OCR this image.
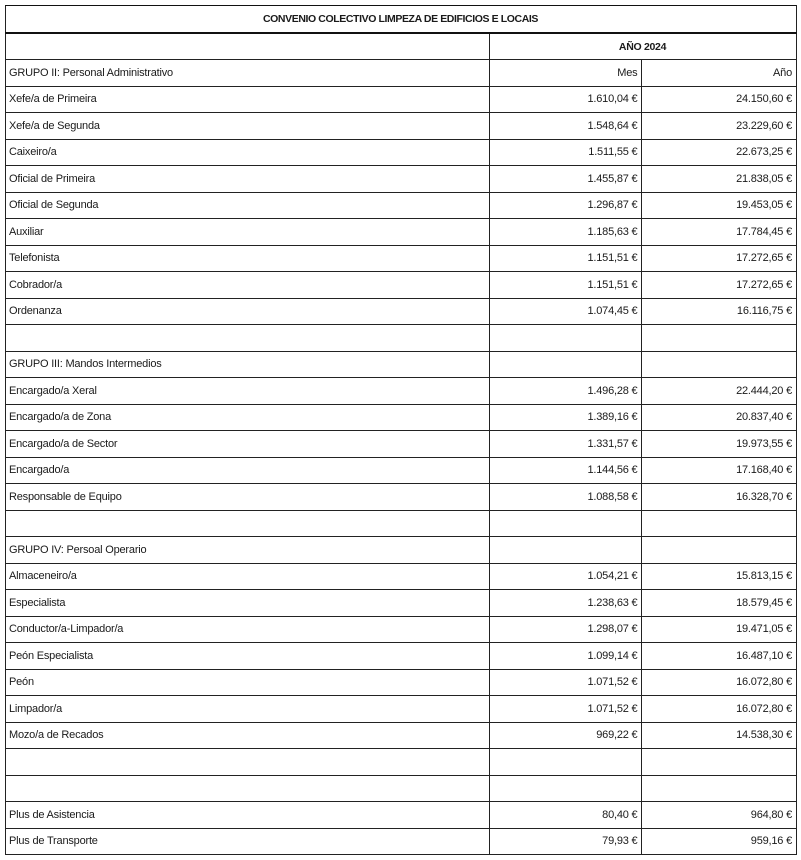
CONVENIO COLECTIVO LIMPEZA DE EDIFICIOS E LOCAIS		
	AÑO 2024	
GRUPO II: Personal Administrativo	Mes	Año
Xefe/a de Primeira	1.610,04 €	24.150,60 €
Xefe/a de Segunda	1.548,64 €	23.229,60 €
Caixeiro/a	1.511,55 €	22.673,25 €
Oficial de Primeira	1.455,87 €	21.838,05 €
Oficial de Segunda	1.296,87 €	19.453,05 €
Auxiliar	1.185,63 €	17.784,45 €
Telefonista	1.151,51 €	17.272,65 €
Cobrador/a	1.151,51 €	17.272,65 €
Ordenanza	1.074,45 €	16.116,75 €

GRUPO III: Mandos Intermedios		
Encargado/a Xeral	1.496,28 €	22.444,20 €
Encargado/a de Zona	1.389,16 €	20.837,40 €
Encargado/a de Sector	1.331,57 €	19.973,55 €
Encargado/a	1.144,56 €	17.168,40 €
Responsable de Equipo	1.088,58 €	16.328,70 €

GRUPO IV: Persoal Operario		
Almaceneiro/a	1.054,21 €	15.813,15 €
Especialista	1.238,63 €	18.579,45 €
Conductor/a-Limpador/a	1.298,07 €	19.471,05 €
Peón Especialista	1.099,14 €	16.487,10 €
Peón	1.071,52 €	16.072,80 €
Limpador/a	1.071,52 €	16.072,80 €
Mozo/a de Recados	969,22 €	14.538,30 €

Plus de Asistencia	80,40 €	964,80 €
Plus de Transporte	79,93 €	959,16 €
